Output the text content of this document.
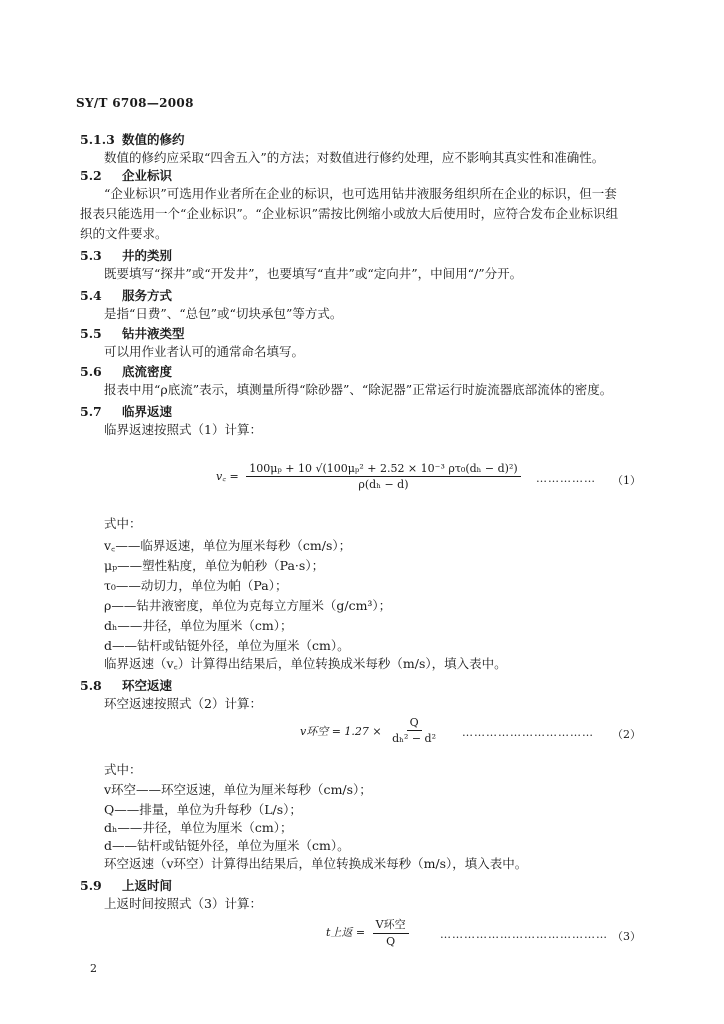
SY/T 6708—2008
5.1.3 数值的修约
数值的修约应采取“四舍五入”的方法；对数值进行修约处理，应不影响其真实性和准确性。
5.2 企业标识
“企业标识”可选用作业者所在企业的标识，也可选用钻井液服务组织所在企业的标识，但一套
报表只能选用一个“企业标识”。“企业标识”需按比例缩小或放大后使用时，应符合发布企业标识组
织的文件要求。
5.3 井的类别
既要填写“探井”或“开发井”，也要填写“直井”或“定向井”，中间用“/”分开。
5.4 服务方式
是指“日费”、“总包”或“切块承包”等方式。
5.5 钻井液类型
可以用作业者认可的通常命名填写。
5.6 底流密度
报表中用“ρ底流”表示，填测量所得“除砂器”、“除泥器”正常运行时旋流器底部流体的密度。
5.7 临界返速
临界返速按照式（1）计算：
v꜀ = $\frac{\text{100μₚ + 10 √(100μₚ² + 2.52 × 10⁻³ ρτ₀(dₕ − d)²)}}{\text{ρ(dₕ − d)}}$ …………… （1）
式中：
v꜀——临界返速，单位为厘米每秒（cm/s）；
μₚ——塑性粘度，单位为帕秒（Pa·s）；
τ₀——动切力，单位为帕（Pa）；
ρ——钻井液密度，单位为克每立方厘米（g/cm³）；
dₕ——井径，单位为厘米（cm）；
d——钻杆或钻铤外径，单位为厘米（cm）。
临界返速（v꜀）计算得出结果后，单位转换成米每秒（m/s），填入表中。
5.8 环空返速
环空返速按照式（2）计算：
v环空 = $1.27 \times \frac{Q}{\text{dₕ² − d²}}$ …………………………… （2）
式中：
v环空——环空返速，单位为厘米每秒（cm/s）；
Q——排量，单位为升每秒（L/s）；
dₕ——井径，单位为厘米（cm）；
d——钻杆或钻铤外径，单位为厘米（cm）。
环空返速（v环空）计算得出结果后，单位转换成米每秒（m/s），填入表中。
5.9 上返时间
上返时间按照式（3）计算：
t上返 = $\frac{\text{V环空}}{Q}$	…………………………………… （3）
2
